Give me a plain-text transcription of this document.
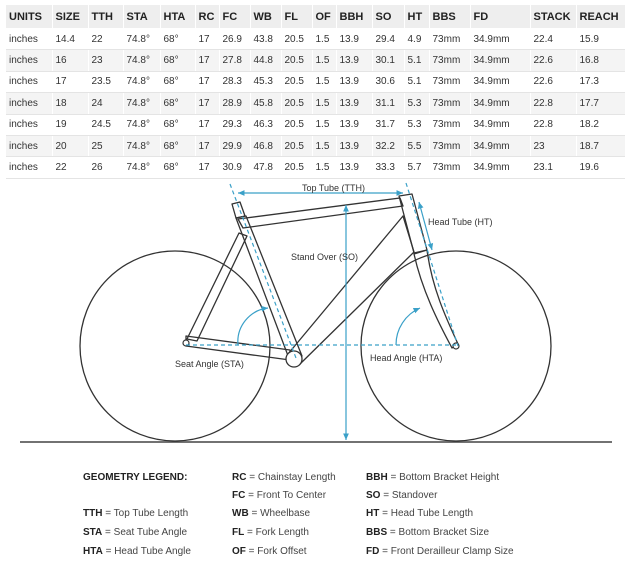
UNITS	SIZE	TTH	STA	HTA	RC	FC	WB	FL	OF	BBH	SO	HT	BBS	FD	STACK	REACH
inches	14.4	22	74.8°	68°	17	26.9	43.8	20.5	1.5	13.9	29.4	4.9	73mm	34.9mm	22.4	15.9
inches	16	23	74.8°	68°	17	27.8	44.8	20.5	1.5	13.9	30.1	5.1	73mm	34.9mm	22.6	16.8
inches	17	23.5	74.8°	68°	17	28.3	45.3	20.5	1.5	13.9	30.6	5.1	73mm	34.9mm	22.6	17.3
inches	18	24	74.8°	68°	17	28.9	45.8	20.5	1.5	13.9	31.1	5.3	73mm	34.9mm	22.8	17.7
inches	19	24.5	74.8°	68°	17	29.3	46.3	20.5	1.5	13.9	31.7	5.3	73mm	34.9mm	22.8	18.2
inches	20	25	74.8°	68°	17	29.9	46.8	20.5	1.5	13.9	32.2	5.5	73mm	34.9mm	23	18.7
inches	22	26	74.8°	68°	17	30.9	47.8	20.5	1.5	13.9	33.3	5.7	73mm	34.9mm	23.1	19.6
Top Tube (TTH)
Head Tube (HT)
Stand Over (SO)
Seat Angle (STA)
Head Angle (HTA)
GEOMETRY LEGEND:
TTH = Top Tube Length
STA = Seat Tube Angle
HTA = Head Tube Angle
RC = Chainstay Length
FC = Front To Center
WB = Wheelbase
FL = Fork Length
OF = Fork Offset
BBH = Bottom Bracket Height
SO = Standover
HT = Head Tube Length
BBS = Bottom Bracket Size
FD = Front Derailleur Clamp Size
